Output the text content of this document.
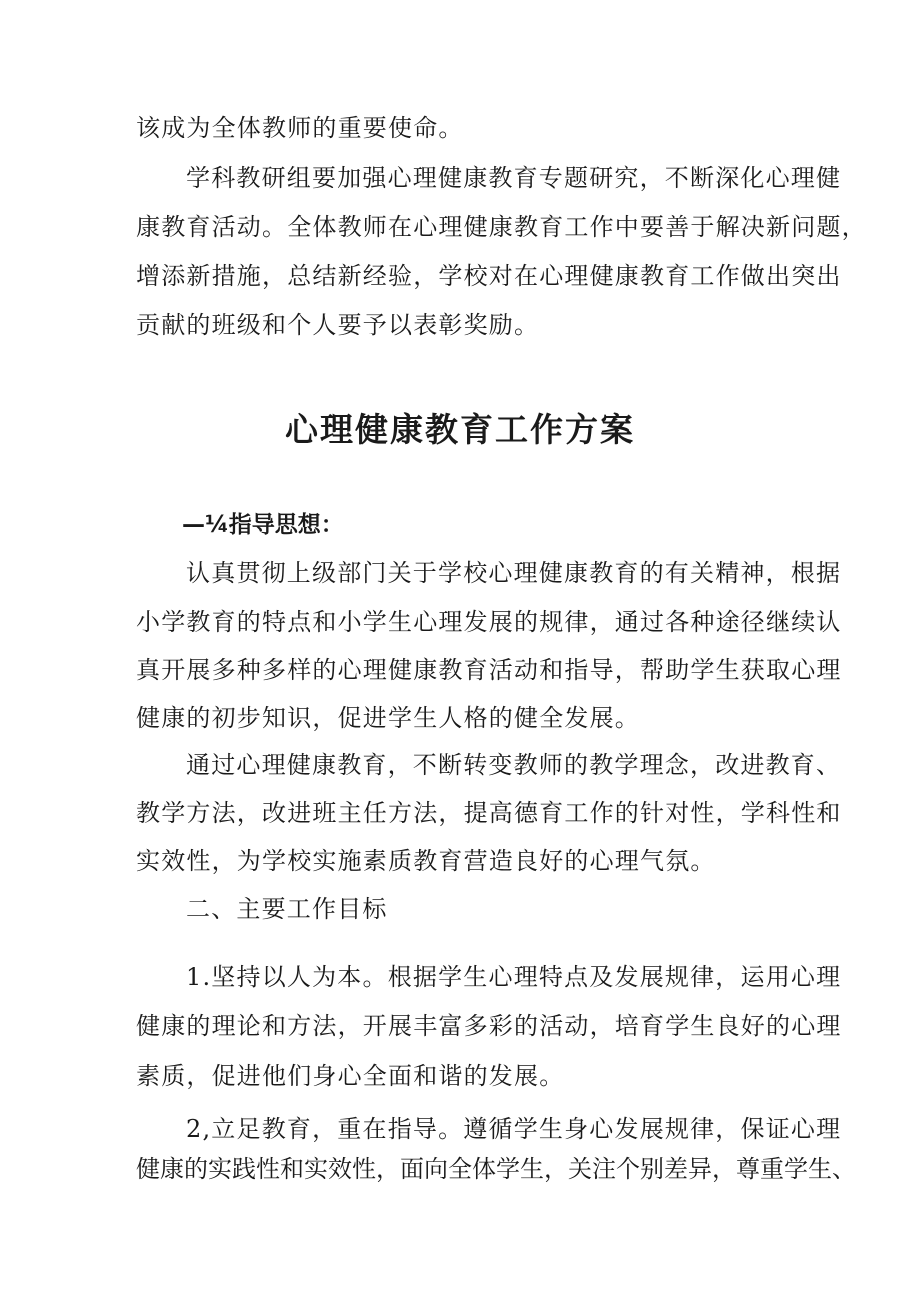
该成为全体教师的重要使命。
学科教研组要加强心理健康教育专题研究，不断深化心理健
康教育活动。全体教师在心理健康教育工作中要善于解决新问题，
增添新措施，总结新经验，学校对在心理健康教育工作做出突出
贡献的班级和个人要予以表彰奖励。
心理健康教育工作方案
—¼指导思想：
认真贯彻上级部门关于学校心理健康教育的有关精神，根据
小学教育的特点和小学生心理发展的规律，通过各种途径继续认
真开展多种多样的心理健康教育活动和指导，帮助学生获取心理
健康的初步知识，促进学生人格的健全发展。
通过心理健康教育，不断转变教师的教学理念，改进教育、
教学方法，改进班主任方法，提高德育工作的针对性，学科性和
实效性，为学校实施素质教育营造良好的心理气氛。
二、主要工作目标
1.坚持以人为本。根据学生心理特点及发展规律，运用心理
健康的理论和方法，开展丰富多彩的活动，培育学生良好的心理
素质，促进他们身心全面和谐的发展。
2,立足教育，重在指导。遵循学生身心发展规律，保证心理
健康的实践性和实效性，面向全体学生，关注个别差异，尊重学生、
